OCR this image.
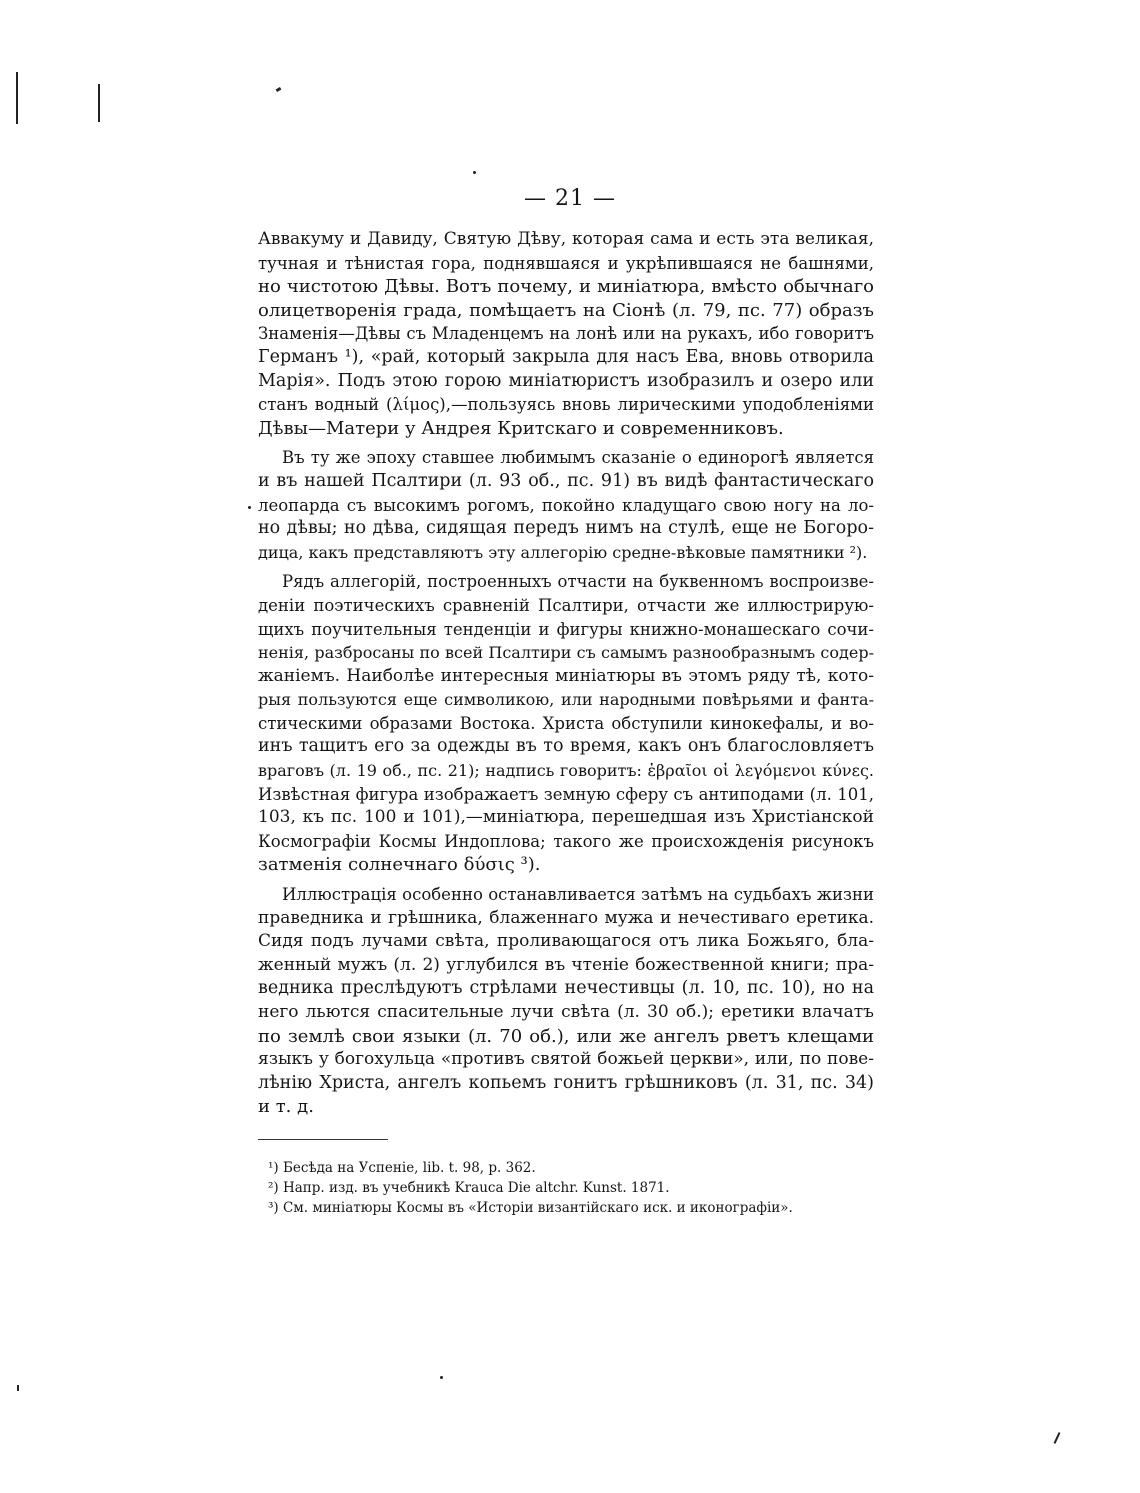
— 21 —
Аввакуму и Давиду, Святую Дѣву, которая сама и есть эта великая,
тучная и тѣнистая гора, поднявшаяся и укрѣпившаяся не башнями,
но чистотою Дѣвы. Вотъ почему, и миніатюра, вмѣсто обычнаго
олицетворенія града, помѣщаетъ на Сіонѣ (л. 79, пс. 77) образъ
Знаменія—Дѣвы съ Младенцемъ на лонѣ или на рукахъ, ибо говоритъ
Германъ ¹), «рай, который закрыла для насъ Ева, вновь отворила
Марія». Подъ этою горою миніатюристъ изобразилъ и озеро или
станъ водный (λίμος),—пользуясь вновь лирическими уподобленіями
Дѣвы—Матери у Андрея Критскаго и современниковъ.
Въ ту же эпоху ставшее любимымъ сказаніе о единорогѣ является
и въ нашей Псалтири (л. 93 об., пс. 91) въ видѣ фантастическаго
леопарда съ высокимъ рогомъ, покойно кладущаго свою ногу на ло-
но дѣвы; но дѣва, сидящая передъ нимъ на стулѣ, еще не Богоро-
дица, какъ представляютъ эту аллегорію средне-вѣковые памятники ²).
Рядъ аллегорій, построенныхъ отчасти на буквенномъ воспроизве-
деніи поэтическихъ сравненій Псалтири, отчасти же иллюстрирую-
щихъ поучительныя тенденціи и фигуры книжно-монашескаго сочи-
ненія, разбросаны по всей Псалтири съ самымъ разнообразнымъ содер-
жаніемъ. Наиболѣе интересныя миніатюры въ этомъ ряду тѣ, кото-
рыя пользуются еще символикою, или народными повѣрьями и фанта-
стическими образами Востока. Христа обступили кинокефалы, и во-
инъ тащитъ его за одежды въ то время, какъ онъ благословляетъ
враговъ (л. 19 об., пс. 21); надпись говоритъ: ἑβραῖοι οἱ λεγόμενοι κύνες.
Извѣстная фигура изображаетъ земную сферу съ антиподами (л. 101,
103, къ пс. 100 и 101),—миніатюра, перешедшая изъ Христіанской
Космографіи Космы Индоплова; такого же происхожденія рисунокъ
затменія солнечнаго δύσις ³).
Иллюстрація особенно останавливается затѣмъ на судьбахъ жизни
праведника и грѣшника, блаженнаго мужа и нечестиваго еретика.
Сидя подъ лучами свѣта, проливающагося отъ лика Божьяго, бла-
женный мужъ (л. 2) углубился въ чтеніе божественной книги; пра-
ведника преслѣдуютъ стрѣлами нечестивцы (л. 10, пс. 10), но на
него льются спасительные лучи свѣта (л. 30 об.); еретики влачатъ
по землѣ свои языки (л. 70 об.), или же ангелъ рветъ клещами
языкъ у богохульца «противъ святой божьей церкви», или, по пове-
лѣнію Христа, ангелъ копьемъ гонитъ грѣшниковъ (л. 31, пс. 34)
и т. д.
¹) Бесѣда на Успеніе, lib. t. 98, p. 362.
²) Напр. изд. въ учебникѣ Krauca Die altchr. Kunst. 1871.
³) См. миніатюры Космы въ «Исторіи византійскаго иск. и иконографіи».
